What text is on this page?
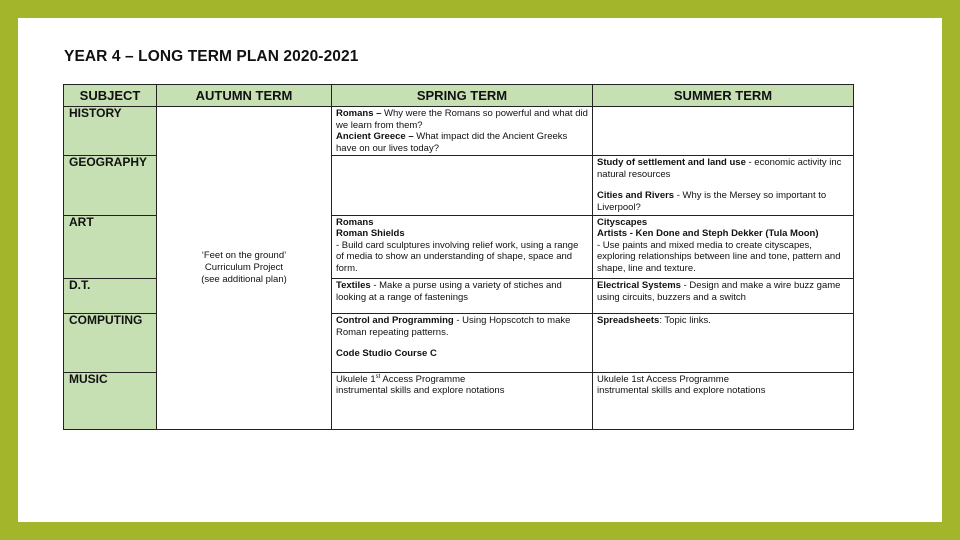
YEAR 4 – LONG TERM PLAN 2020-2021
SUBJECT	AUTUMN TERM	SPRING TERM	SUMMER TERM
HISTORY	‘Feet on the ground’
Curriculum Project
(see additional plan)	Romans – Why were the Romans so powerful and what did we learn from them?
Ancient Greece – What impact did the Ancient Greeks have on our lives today?	
GEOGRAPHY			Study of settlement and land use - economic activity inc natural resources
Cities and Rivers - Why is the Mersey so important to Liverpool?
ART		Romans
Roman Shields
- Build card sculptures involving relief work, using a range of media to show an understanding of shape, space and form.	Cityscapes
Artists - Ken Done and Steph Dekker (Tula Moon)
- Use paints and mixed media to create cityscapes, exploring relationships between line and tone, pattern and shape, line and texture.
D.T.		Textiles - Make a purse using a variety of stiches and looking at a range of fastenings	Electrical Systems - Design and make a wire buzz game using circuits, buzzers and a switch
COMPUTING		Control and Programming - Using Hopscotch to make Roman repeating patterns.
Code Studio Course C	Spreadsheets: Topic links.
MUSIC		Ukulele 1st Access Programme
instrumental skills and explore notations	Ukulele 1st Access Programme
instrumental skills and explore notations
